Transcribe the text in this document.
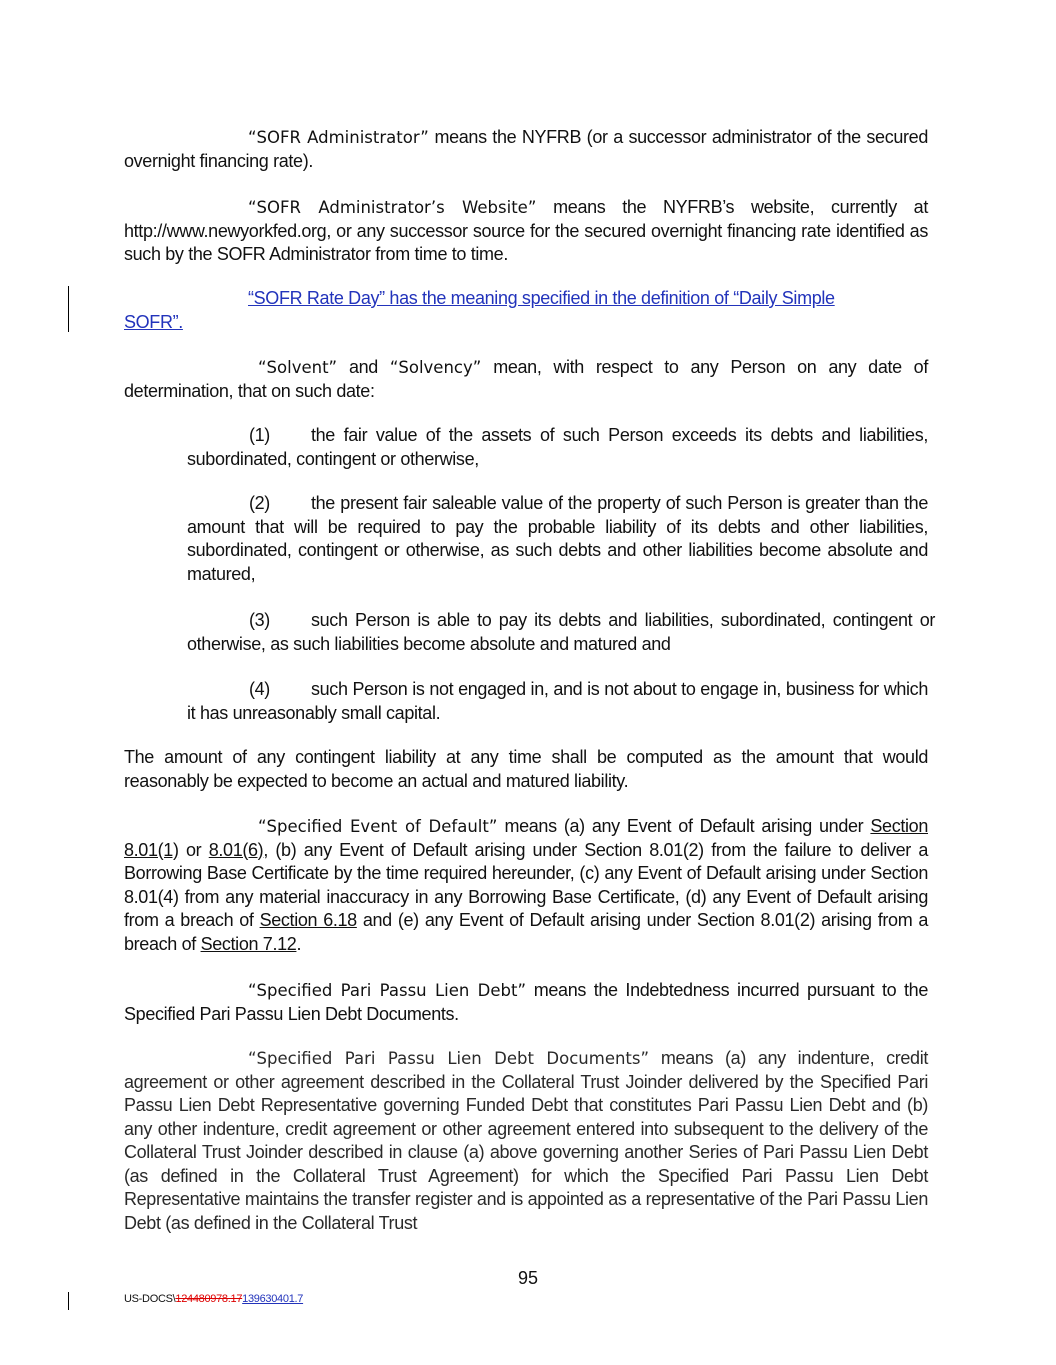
“SOFR Administrator” means the NYFRB (or a successor administrator of the secured overnight financing rate).

“SOFR Administrator’s Website” means the NYFRB’s website, currently at http://www.newyorkfed.org, or any successor source for the secured overnight financing rate identified as such by the SOFR Administrator from time to time.

“SOFR Rate Day” has the meaning specified in the definition of “Daily Simple SOFR”.

“Solvent” and “Solvency” mean, with respect to any Person on any date of determination, that on such date:

(1) the fair value of the assets of such Person exceeds its debts and liabilities, subordinated, contingent or otherwise,

(2) the present fair saleable value of the property of such Person is greater than the amount that will be required to pay the probable liability of its debts and other liabilities, subordinated, contingent or otherwise, as such debts and other liabilities become absolute and matured,

(3) such Person is able to pay its debts and liabilities, subordinated, contingent or otherwise, as such liabilities become absolute and matured and

(4) such Person is not engaged in, and is not about to engage in, business for which it has unreasonably small capital.

The amount of any contingent liability at any time shall be computed as the amount that would reasonably be expected to become an actual and matured liability.

“Specified Event of Default” means (a) any Event of Default arising under Section 8.01(1) or 8.01(6), (b) any Event of Default arising under Section 8.01(2) from the failure to deliver a Borrowing Base Certificate by the time required hereunder, (c) any Event of Default arising under Section 8.01(4) from any material inaccuracy in any Borrowing Base Certificate, (d) any Event of Default arising from a breach of Section 6.18 and (e) any Event of Default arising under Section 8.01(2) arising from a breach of Section 7.12.

“Specified Pari Passu Lien Debt” means the Indebtedness incurred pursuant to the Specified Pari Passu Lien Debt Documents.

“Specified Pari Passu Lien Debt Documents” means (a) any indenture, credit agreement or other agreement described in the Collateral Trust Joinder delivered by the Specified Pari Passu Lien Debt Representative governing Funded Debt that constitutes Pari Passu Lien Debt and (b) any other indenture, credit agreement or other agreement entered into subsequent to the delivery of the Collateral Trust Joinder described in clause (a) above governing another Series of Pari Passu Lien Debt (as defined in the Collateral Trust Agreement) for which the Specified Pari Passu Lien Debt Representative maintains the transfer register and is appointed as a representative of the Pari Passu Lien Debt (as defined in the Collateral Trust

95
US-DOCS\124480978.17139630401.7
